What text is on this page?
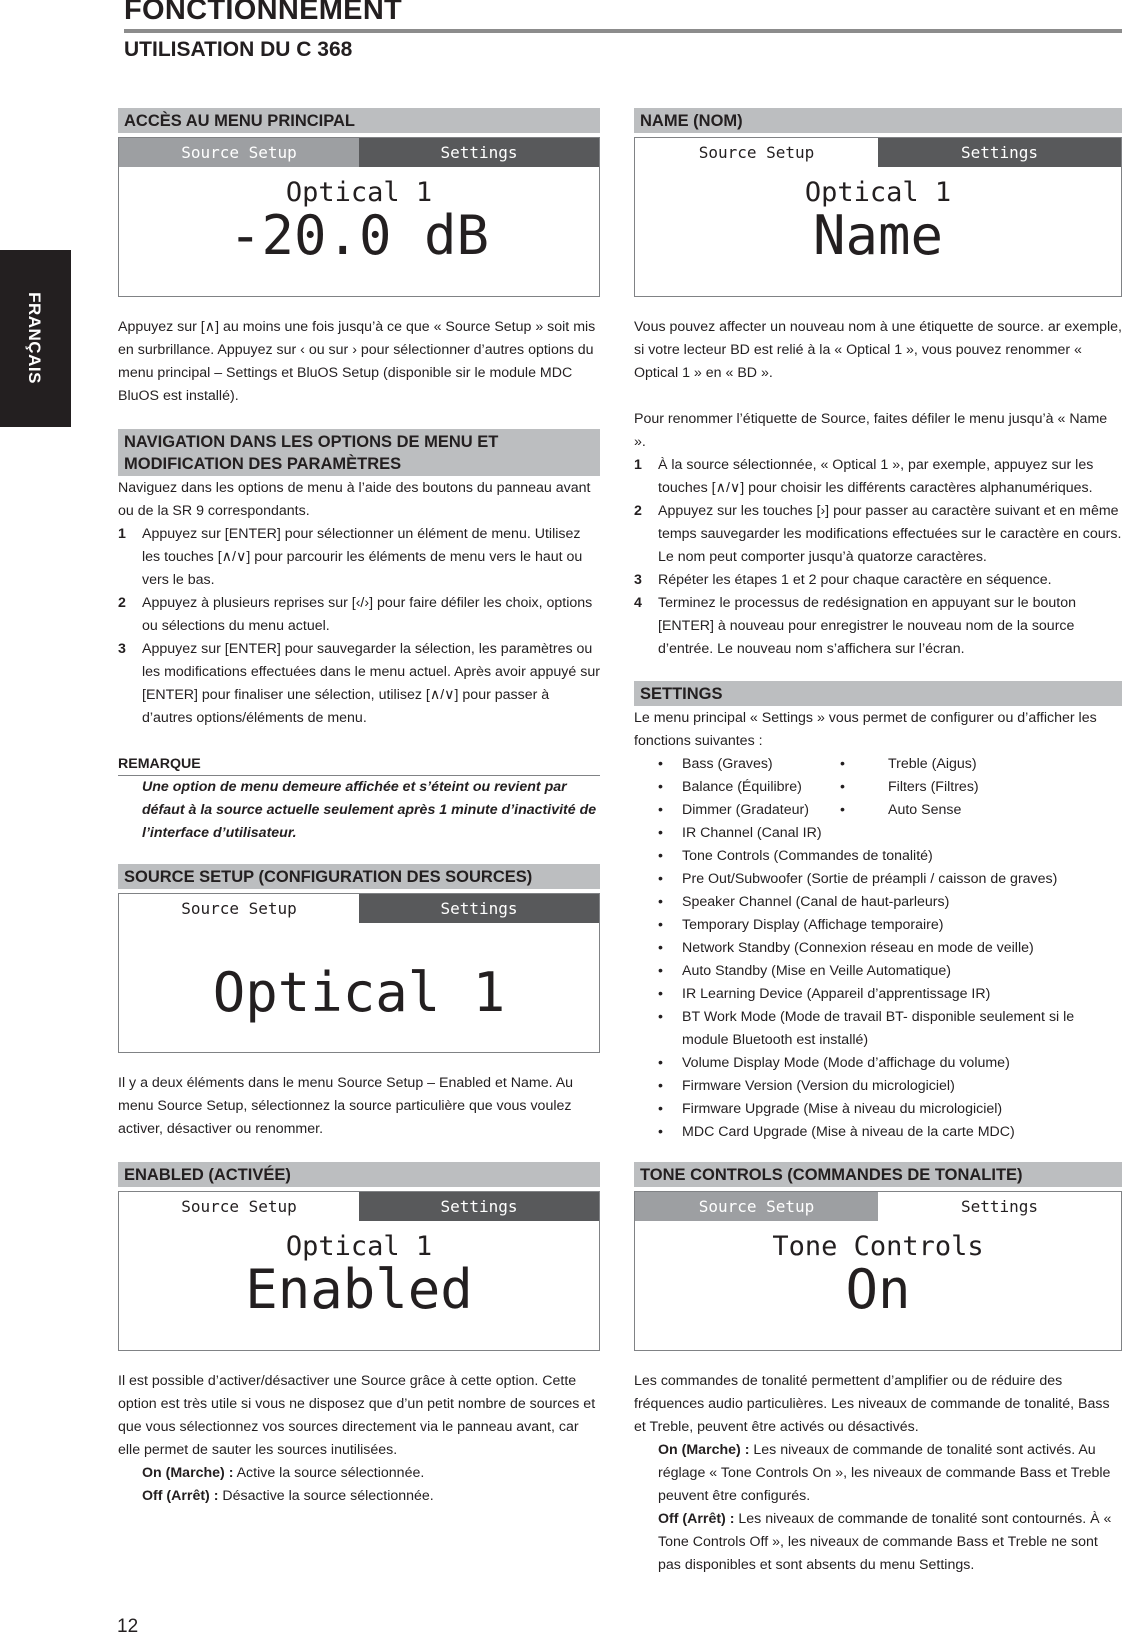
FRANÇAIS
FONCTIONNEMENT
UTILISATION DU C 368
ACCÈS AU MENU PRINCIPAL
Source Setup	Settings
Optical 1
-20.0 dB

Appuyez sur [∧] au moins une fois jusqu’à ce que « Source Setup » soit mis en surbrillance. Appuyez sur ‹ ou sur › pour sélectionner d’autres options du menu principal – Settings et BluOS Setup (disponible sir le module MDC BluOS est installé).

NAVIGATION DANS LES OPTIONS DE MENU ET MODIFICATION DES PARAMÈTRES

Naviguez dans les options de menu à l’aide des boutons du panneau avant ou de la SR 9 correspondants.

1 Appuyez sur [ENTER] pour sélectionner un élément de menu. Utilisez les touches [∧/∨] pour parcourir les éléments de menu vers le haut ou vers le bas.
2 Appuyez à plusieurs reprises sur [‹/›] pour faire défiler les choix, options ou sélections du menu actuel.
3 Appuyez sur [ENTER] pour sauvegarder la sélection, les paramètres ou les modifications effectuées dans le menu actuel. Après avoir appuyé sur [ENTER] pour finaliser une sélection, utilisez [∧/∨] pour passer à d’autres options/éléments de menu.
REMARQUE
Une option de menu demeure affichée et s’éteint ou revient par défaut à la source actuelle seulement après 1 minute d’inactivité de l’interface d’utilisateur.
SOURCE SETUP (CONFIGURATION DES SOURCES)
Source Setup	Settings
Optical 1

Il y a deux éléments dans le menu Source Setup – Enabled et Name. Au menu Source Setup, sélectionnez la source particulière que vous voulez activer, désactiver ou renommer.

ENABLED (ACTIVÉE)
Source Setup	Settings
Optical 1
Enabled

Il est possible d’activer/désactiver une Source grâce à cette option. Cette option est très utile si vous ne disposez que d’un petit nombre de sources et que vous sélectionnez vos sources directement via le panneau avant, car elle permet de sauter les sources inutilisées.

On (Marche) : Active la source sélectionnée.
Off (Arrêt) : Désactive la source sélectionnée.
NAME (NOM)
Source Setup	Settings
Optical 1
Name

Vous pouvez affecter un nouveau nom à une étiquette de source. ar exemple, si votre lecteur BD est relié à la « Optical 1 », vous pouvez renommer « Optical 1 » en « BD ».

Pour renommer l’étiquette de Source, faites défiler le menu jusqu’à « Name ».

1 À la source sélectionnée, « Optical 1 », par exemple, appuyez sur les touches [∧/∨] pour choisir les différents caractères alphanumériques.
2 Appuyez sur les touches [›] pour passer au caractère suivant et en même temps sauvegarder les modifications effectuées sur le caractère en cours. Le nom peut comporter jusqu’à quatorze caractères.
3 Répéter les étapes 1 et 2 pour chaque caractère en séquence.
4 Terminez le processus de redésignation en appuyant sur le bouton [ENTER] à nouveau pour enregistrer le nouveau nom de la source d’entrée. Le nouveau nom s’affichera sur l’écran.
SETTINGS

Le menu principal « Settings » vous permet de configurer ou d’afficher les fonctions suivantes :

• Bass (Graves)	•	Treble (Aigus)
• Balance (Équilibre)	•	Filters (Filtres)
• Dimmer (Gradateur)	•	Auto Sense
• IR Channel (Canal IR)
• Tone Controls (Commandes de tonalité)
• Pre Out/Subwoofer (Sortie de préampli / caisson de graves)
• Speaker Channel (Canal de haut-parleurs)
• Temporary Display (Affichage temporaire)
• Network Standby (Connexion réseau en mode de veille)
• Auto Standby (Mise en Veille Automatique)
• IR Learning Device (Appareil d’apprentissage IR)
• BT Work Mode (Mode de travail BT- disponible seulement si le module Bluetooth est installé)
• Volume Display Mode (Mode d’affichage du volume)
• Firmware Version (Version du micrologiciel)
• Firmware Upgrade (Mise à niveau du micrologiciel)
• MDC Card Upgrade (Mise à niveau de la carte MDC)
TONE CONTROLS (COMMANDES DE TONALITE)
Source Setup	Settings
Tone Controls
On

Les commandes de tonalité permettent d’amplifier ou de réduire des fréquences audio particulières. Les niveaux de commande de tonalité, Bass et Treble, peuvent être activés ou désactivés.

On (Marche) : Les niveaux de commande de tonalité sont activés. Au réglage « Tone Controls On », les niveaux de commande Bass et Treble peuvent être configurés.
Off (Arrêt) : Les niveaux de commande de tonalité sont contournés. À « Tone Controls Off », les niveaux de commande Bass et Treble ne sont pas disponibles et sont absents du menu Settings.
12
